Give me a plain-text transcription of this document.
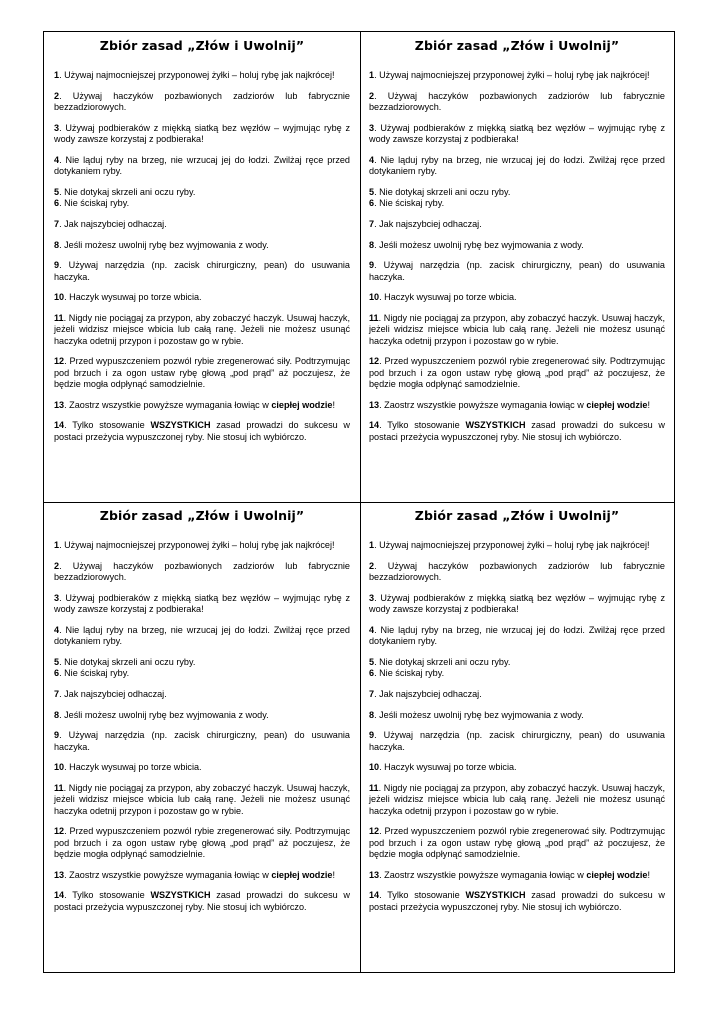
Zbiór zasad „Złów i Uwolnij”
1. Używaj najmocniejszej przyponowej żyłki – holuj rybę jak najkrócej!
2. Używaj haczyków pozbawionych zadziorów lub fabrycznie bezzadziorowych.
3. Używaj podbieraków z miękką siatką bez węzłów – wyjmując rybę z wody zawsze korzystaj z podbieraka!
4. Nie ląduj ryby na brzeg, nie wrzucaj jej do łodzi. Zwilżaj ręce przed dotykaniem ryby.
5. Nie dotykaj skrzeli ani oczu ryby.
6. Nie ściskaj ryby.
7. Jak najszybciej odhaczaj.
8. Jeśli możesz uwolnij rybę bez wyjmowania z wody.
9. Używaj narzędzia (np. zacisk chirurgiczny, pean) do usuwania haczyka.
10. Haczyk wysuwaj po torze wbicia.
11. Nigdy nie pociągaj za przypon, aby zobaczyć haczyk. Usuwaj haczyk, jeżeli widzisz miejsce wbicia lub całą ranę. Jeżeli nie możesz usunąć haczyka odetnij przypon i pozostaw go w rybie.
12. Przed wypuszczeniem pozwól rybie zregenerować siły. Podtrzymując pod brzuch i za ogon ustaw rybę głową „pod prąd” aż poczujesz, że będzie mogła odpłynąć samodzielnie.
13. Zaostrz wszystkie powyższe wymagania łowiąc w ciepłej wodzie!
14. Tylko stosowanie WSZYSTKICH zasad prowadzi do sukcesu w postaci przeżycia wypuszczonej ryby. Nie stosuj ich wybiórczo.
Zbiór zasad „Złów i Uwolnij”
1. Używaj najmocniejszej przyponowej żyłki – holuj rybę jak najkrócej!
2. Używaj haczyków pozbawionych zadziorów lub fabrycznie bezzadziorowych.
3. Używaj podbieraków z miękką siatką bez węzłów – wyjmując rybę z wody zawsze korzystaj z podbieraka!
4. Nie ląduj ryby na brzeg, nie wrzucaj jej do łodzi. Zwilżaj ręce przed dotykaniem ryby.
5. Nie dotykaj skrzeli ani oczu ryby.
6. Nie ściskaj ryby.
7. Jak najszybciej odhaczaj.
8. Jeśli możesz uwolnij rybę bez wyjmowania z wody.
9. Używaj narzędzia (np. zacisk chirurgiczny, pean) do usuwania haczyka.
10. Haczyk wysuwaj po torze wbicia.
11. Nigdy nie pociągaj za przypon, aby zobaczyć haczyk. Usuwaj haczyk, jeżeli widzisz miejsce wbicia lub całą ranę. Jeżeli nie możesz usunąć haczyka odetnij przypon i pozostaw go w rybie.
12. Przed wypuszczeniem pozwól rybie zregenerować siły. Podtrzymując pod brzuch i za ogon ustaw rybę głową „pod prąd” aż poczujesz, że będzie mogła odpłynąć samodzielnie.
13. Zaostrz wszystkie powyższe wymagania łowiąc w ciepłej wodzie!
14. Tylko stosowanie WSZYSTKICH zasad prowadzi do sukcesu w postaci przeżycia wypuszczonej ryby. Nie stosuj ich wybiórczo.
Zbiór zasad „Złów i Uwolnij”
1. Używaj najmocniejszej przyponowej żyłki – holuj rybę jak najkrócej!
2. Używaj haczyków pozbawionych zadziorów lub fabrycznie bezzadziorowych.
3. Używaj podbieraków z miękką siatką bez węzłów – wyjmując rybę z wody zawsze korzystaj z podbieraka!
4. Nie ląduj ryby na brzeg, nie wrzucaj jej do łodzi. Zwilżaj ręce przed dotykaniem ryby.
5. Nie dotykaj skrzeli ani oczu ryby.
6. Nie ściskaj ryby.
7. Jak najszybciej odhaczaj.
8. Jeśli możesz uwolnij rybę bez wyjmowania z wody.
9. Używaj narzędzia (np. zacisk chirurgiczny, pean) do usuwania haczyka.
10. Haczyk wysuwaj po torze wbicia.
11. Nigdy nie pociągaj za przypon, aby zobaczyć haczyk. Usuwaj haczyk, jeżeli widzisz miejsce wbicia lub całą ranę. Jeżeli nie możesz usunąć haczyka odetnij przypon i pozostaw go w rybie.
12. Przed wypuszczeniem pozwól rybie zregenerować siły. Podtrzymując pod brzuch i za ogon ustaw rybę głową „pod prąd” aż poczujesz, że będzie mogła odpłynąć samodzielnie.
13. Zaostrz wszystkie powyższe wymagania łowiąc w ciepłej wodzie!
14. Tylko stosowanie WSZYSTKICH zasad prowadzi do sukcesu w postaci przeżycia wypuszczonej ryby. Nie stosuj ich wybiórczo.
Zbiór zasad „Złów i Uwolnij”
1. Używaj najmocniejszej przyponowej żyłki – holuj rybę jak najkrócej!
2. Używaj haczyków pozbawionych zadziorów lub fabrycznie bezzadziorowych.
3. Używaj podbieraków z miękką siatką bez węzłów – wyjmując rybę z wody zawsze korzystaj z podbieraka!
4. Nie ląduj ryby na brzeg, nie wrzucaj jej do łodzi. Zwilżaj ręce przed dotykaniem ryby.
5. Nie dotykaj skrzeli ani oczu ryby.
6. Nie ściskaj ryby.
7. Jak najszybciej odhaczaj.
8. Jeśli możesz uwolnij rybę bez wyjmowania z wody.
9. Używaj narzędzia (np. zacisk chirurgiczny, pean) do usuwania haczyka.
10. Haczyk wysuwaj po torze wbicia.
11. Nigdy nie pociągaj za przypon, aby zobaczyć haczyk. Usuwaj haczyk, jeżeli widzisz miejsce wbicia lub całą ranę. Jeżeli nie możesz usunąć haczyka odetnij przypon i pozostaw go w rybie.
12. Przed wypuszczeniem pozwól rybie zregenerować siły. Podtrzymując pod brzuch i za ogon ustaw rybę głową „pod prąd” aż poczujesz, że będzie mogła odpłynąć samodzielnie.
13. Zaostrz wszystkie powyższe wymagania łowiąc w ciepłej wodzie!
14. Tylko stosowanie WSZYSTKICH zasad prowadzi do sukcesu w postaci przeżycia wypuszczonej ryby. Nie stosuj ich wybiórczo.
